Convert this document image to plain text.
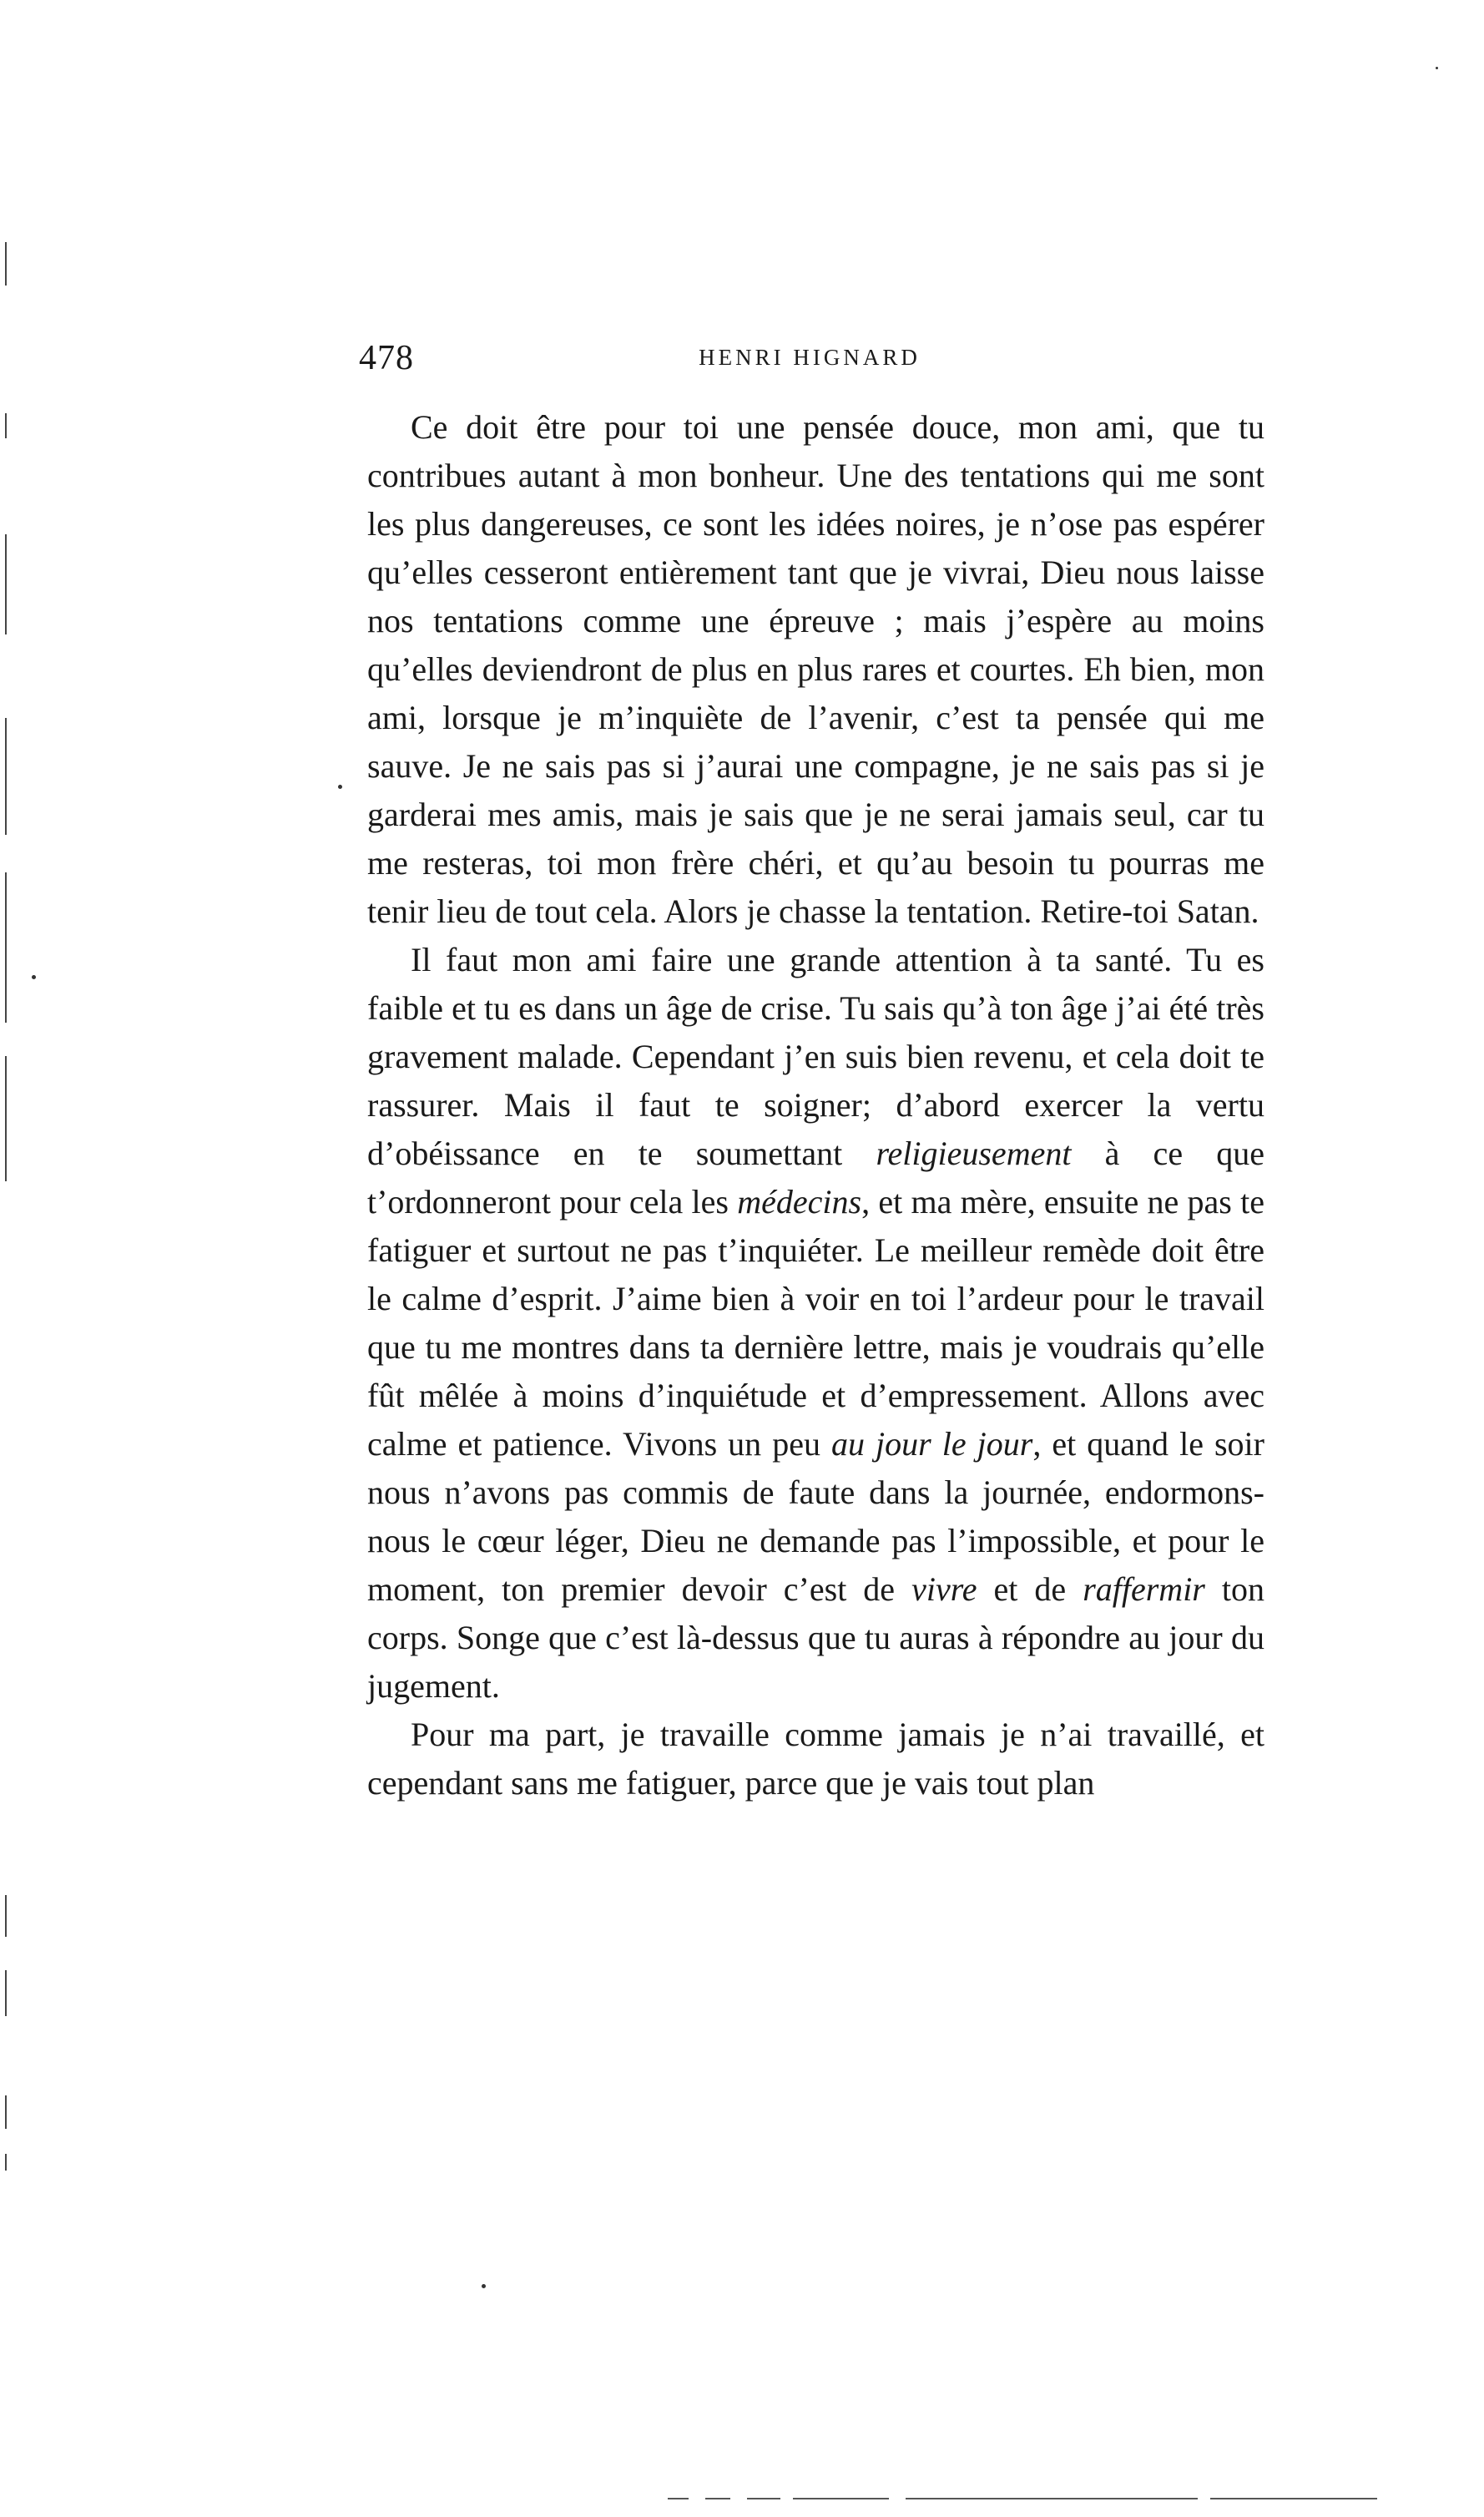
478	HENRI HIGNARD

Ce doit être pour toi une pensée douce, mon ami, que tu contribues autant à mon bonheur. Une des tentations qui me sont les plus dangereuses, ce sont les idées noires, je n’ose pas espérer qu’elles cesseront entièrement tant que je vivrai, Dieu nous laisse nos tentations comme une épreuve ; mais j’espère au moins qu’elles deviendront de plus en plus rares et courtes. Eh bien, mon ami, lorsque je m’inquiète de l’avenir, c’est ta pensée qui me sauve. Je ne sais pas si j’aurai une compagne, je ne sais pas si je garderai mes amis, mais je sais que je ne serai jamais seul, car tu me resteras, toi mon frère chéri, et qu’au besoin tu pourras me tenir lieu de tout cela. Alors je chasse la tentation. Retire-toi Satan.

Il faut mon ami faire une grande attention à ta santé. Tu es faible et tu es dans un âge de crise. Tu sais qu’à ton âge j’ai été très gravement malade. Cependant j’en suis bien revenu, et cela doit te rassurer. Mais il faut te soigner; d’abord exercer la vertu d’obéissance en te soumettant religieusement à ce que t’ordonneront pour cela les médecins, et ma mère, ensuite ne pas te fatiguer et surtout ne pas t’inquiéter. Le meilleur remède doit être le calme d’esprit. J’aime bien à voir en toi l’ardeur pour le travail que tu me montres dans ta dernière lettre, mais je voudrais qu’elle fût mêlée à moins d’inquiétude et d’empressement. Allons avec calme et patience. Vivons un peu au jour le jour, et quand le soir nous n’avons pas commis de faute dans la journée, endormons-nous le cœur léger, Dieu ne demande pas l’impossible, et pour le moment, ton premier devoir c’est de vivre et de raffermir ton corps. Songe que c’est là-dessus que tu auras à répondre au jour du jugement.

Pour ma part, je travaille comme jamais je n’ai travaillé, et cependant sans me fatiguer, parce que je vais tout plan
